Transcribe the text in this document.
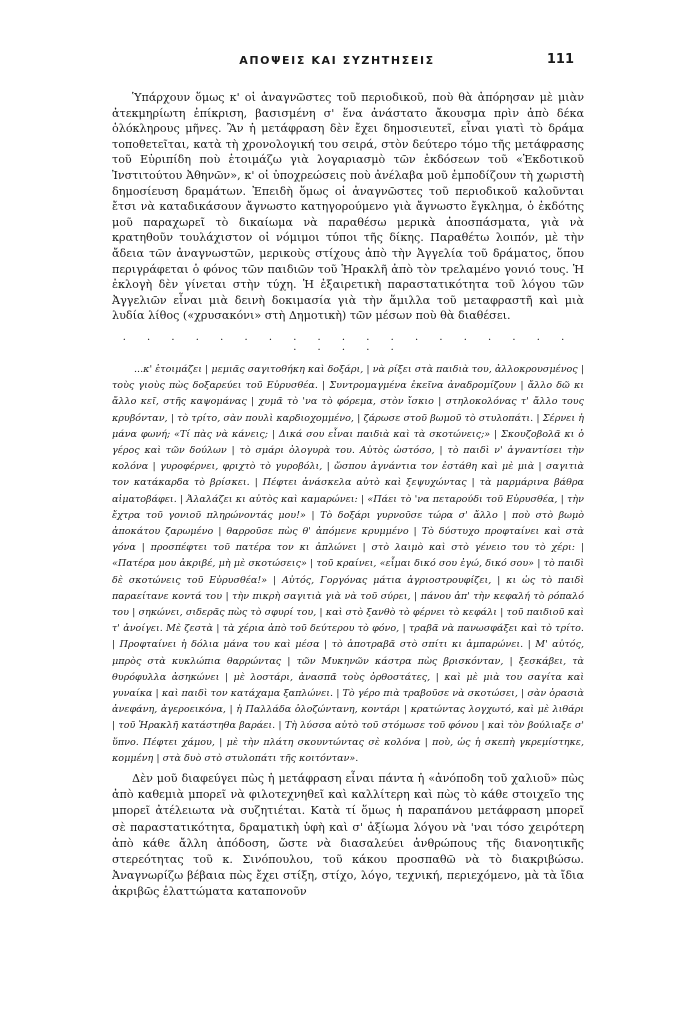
ΑΠΟΨΕΙΣ ΚΑΙ ΣΥΖΗΤΗΣΕΙΣ	111

Ὑπάρχουν ὅμως κ' οἱ ἀναγνῶστες τοῦ περιοδικοῦ, ποὺ θὰ ἀπόρησαν μὲ μιὰν ἀτεκμηρίωτη ἐπίκριση, βασισμένη σ' ἕνα ἀνάστατο ἄκουσμα πρὶν ἀπὸ δέκα ὁλόκληρους μῆνες. Ἂν ἡ μετάφραση δὲν ἔχει δημοσιευτεῖ, εἶναι γιατὶ τὸ δράμα τοποθετεῖται, κατὰ τὴ χρονολογική του σειρά, στὸν δεύτερο τόμο τῆς μετάφρασης τοῦ Εὐριπίδη ποὺ ἑτοιμάζω γιὰ λογαριασμὸ τῶν ἐκδόσεων τοῦ «Ἐκδοτικοῦ Ἰνστιτούτου Ἀθηνῶν», κ' οἱ ὑποχρεώσεις ποὺ ἀνέλαβα μοῦ ἐμποδίζουν τὴ χωριστὴ δημοσίευση δραμάτων. Ἐπειδὴ ὅμως οἱ ἀναγνῶστες τοῦ περιοδικοῦ καλοῦνται ἔτσι νὰ καταδικάσουν ἄγνωστο κατηγορούμενο γιὰ ἄγνωστο ἔγκλημα, ὁ ἐκδότης μοῦ παραχωρεῖ τὸ δικαίωμα νὰ παραθέσω μερικὰ ἀποσπάσματα, γιὰ νὰ κρατηθοῦν τουλάχιστον οἱ νόμιμοι τύποι τῆς δίκης. Παραθέτω λοιπόν, μὲ τὴν ἄδεια τῶν ἀναγνωστῶν, μερικοὺς στίχους ἀπὸ τὴν Ἀγγελία τοῦ δράματος, ὅπου περιγράφεται ὁ φόνος τῶν παιδιῶν τοῦ Ἡρακλῆ ἀπὸ τὸν τρελαμένο γονιό τους. Ἡ ἐκλογὴ δὲν γίνεται στὴν τύχη. Ἡ ἐξαιρετικὴ παραστατικότητα τοῦ λόγου τῶν Ἀγγελιῶν εἶναι μιὰ δεινὴ δοκιμασία γιὰ τὴν ἅμιλλα τοῦ μεταφραστῆ καὶ μιὰ λυδία λίθος («χρυσακόνι» στὴ Δημοτικὴ) τῶν μέσων ποὺ θὰ διαθέσει.

· · · · · · · · · · · · · · · · · · · · · · · ·

...κ' ἑτοιμάζει | μεμιᾶς σαγιτοθήκη καὶ δοξάρι, | νὰ ρίξει στὰ παιδιὰ του, ἀλλοκρουσμένος | τοὺς γιοὺς πὼς δοξαρεύει τοῦ Εὐρυσθέα. | Συντρομαγμένα ἐκεῖνα ἀναδρομίζουν | ἄλλο δῶ κι ἄλλο κεῖ, στῆς καψομάνας | χυμᾶ τὸ 'να τὸ φόρεμα, στὸν ἴσκιο | στηλοκολόνας τ' ἄλλο τους κρυβόνταν, | τὸ τρίτο, σὰν πουλὶ καρδιοχομμένο, | ζάρωσε στοῦ βωμοῦ τὸ στυλοπάτι. | Σέρνει ἡ μάνα φωνή; «Τί πὰς νὰ κάνεις; | Δικά σου εἶναι παιδιὰ καὶ τὰ σκοτώνεις;» | Σκουζοβολᾶ κι ὁ γέρος καὶ τῶν δούλων | τὸ σμάρι ὀλογυρὰ του. Αὐτὸς ὡστόσο, | τὸ παιδὶ ν' ἀγναντίσει τὴν κολόνα | γυροφέρνει, φριχτὸ τὸ γυροβόλι, | ὥσπου ἀγνάντια τον ἐστάθη καὶ μὲ μιὰ | σαγιτιὰ τον κατάκαρδα τὸ βρίσκει. | Πέφτει ἀνάσκελα αὐτὸ καὶ ξεψυχώντας | τὰ μαρμάρινα βάθρα αἱματοβάφει. | Ἀλαλάζει κι αὐτὸς καὶ καμαρώνει: | «Πάει τὸ 'να πεταρούδι τοῦ Εὐρυσθέα, | τὴν ἔχτρα τοῦ γονιοῦ πληρώνοντάς μου!» | Τὸ δοξάρι γυρνοῦσε τώρα σ' ἄλλο | ποὺ στὸ βωμὸ ἀποκάτου ζαρωμένο | θαρροῦσε πὼς θ' ἀπόμενε κρυμμένο | Τὸ δύστυχο προφταίνει καὶ στὰ γόνα | προσπέφτει τοῦ πατέρα τον κι ἀπλώνει | στὸ λαιμὸ καὶ στὸ γένειο του τὸ χέρι: | «Πατέρα μου ἀκριβέ, μὴ μὲ σκοτώσεις» | τοῦ κραίνει, «εἶμαι δικό σου ἐγώ, δικό σου» | τὸ παιδὶ δὲ σκοτώνεις τοῦ Εὐρυσθέα!» | Αὐτός, Γοργόνας μάτια ἀγριοστρουφίζει, | κι ὡς τὸ παιδὶ παραείτανε κοντά του | τὴν πικρὴ σαγιτιὰ γιὰ νὰ τοῦ σύρει, | πάνου ἀπ' τὴν κεφαλή τὸ ρόπαλό του | σηκώνει, σιδερᾶς πὼς τὸ σφυρί του, | καὶ στὸ ξανθὸ τὸ φέρνει τὸ κεφάλι | τοῦ παιδιοῦ καὶ τ' ἀνοίγει. Μὲ ζεστὰ | τὰ χέρια ἀπὸ τοῦ δεύτερου τὸ φόνο, | τραβᾶ νὰ πανωσφάξει καὶ τὸ τρίτο. | Προφταίνει ἡ δόλια μάνα του καὶ μέσα | τὸ ἀποτραβᾶ στὸ σπίτι κι ἀμπαρώνει. | Μ' αὐτός, μπρὸς στὰ κυκλώπια θαρρώντας | τῶν Μυκηνῶν κάστρα πὼς βρισκόνταν, | ξεσκάβει, τὰ θυρόφυλλα ἀσηκώνει | μὲ λοστάρι, ἀνασπᾶ τοὺς ὀρθοστάτες, | καὶ μὲ μιὰ του σαγίτα καὶ γυναίκα | καὶ παιδὶ τον κατάχαμα ξαπλώνει. | Τὸ γέρο πιὰ τραβοῦσε νὰ σκοτώσει, | σὰν ὁρασιὰ ἀνεφάνη, ἀγεροεικόνα, | ἡ Παλλάδα ὁλοζώντανη, κοντάρι | κρατώντας λογχωτό, καὶ μὲ λιθάρι | τοῦ Ἡρακλῆ κατάστηθα βαράει. | Τὴ λύσσα αὐτὸ τοῦ στόμωσε τοῦ φόνου | καὶ τὸν βούλιαξε σ' ὕπνο. Πέφτει χάμου, | μὲ τὴν πλάτη σκουντώντας σὲ κολόνα | ποὺ, ὡς ἡ σκεπὴ γκρεμίστηκε, κομμένη | στὰ δυὸ στὸ στυλοπάτι τῆς κοιτόνταν».

Δὲν μοῦ διαφεύγει πὼς ἡ μετάφραση εἶναι πάντα ἡ «ἀνόποδη τοῦ χαλιοῦ» πὼς ἀπὸ καθεμιὰ μπορεῖ νὰ φιλοτεχνηθεῖ καὶ καλλίτερη καὶ πὼς τὸ κάθε στοιχεῖο της μπορεῖ ἀτέλειωτα νὰ συζητιέται. Κατὰ τί ὅμως ἡ παραπάνου μετάφραση μπορεῖ σὲ παραστατικότητα, δραματικὴ ὑφὴ καὶ σ' ἀξίωμα λόγου νὰ 'ναι τόσο χειρότερη ἀπὸ κάθε ἄλλη ἀπόδοση, ὥστε νὰ διασαλεύει ἀνθρώπους τῆς διανοητικῆς στερεότητας τοῦ κ. Σινόπουλου, τοῦ κάκου προσπαθῶ νὰ τὸ διακριβώσω. Ἀναγνωρίζω βέβαια πὼς ἔχει στίξη, στίχο, λόγο, τεχνική, περιεχόμενο, μὰ τὰ ἴδια ἀκριβῶς ἐλαττώματα καταπονοῦν
